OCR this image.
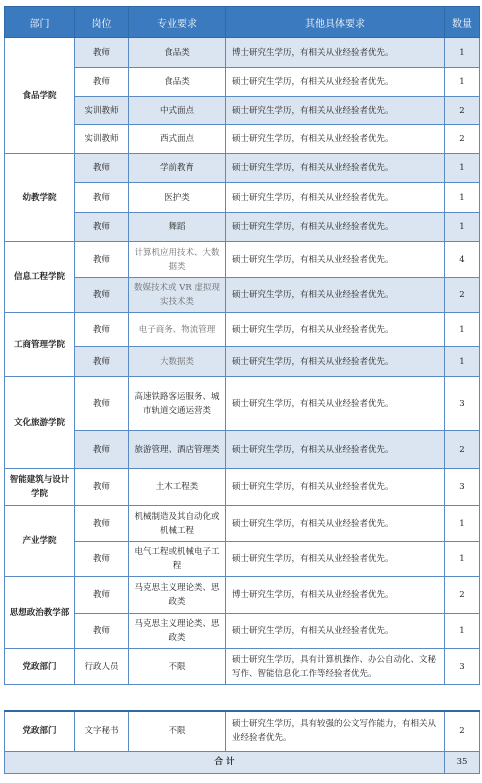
部门	岗位	专业要求	其他具体要求	数量
食品学院	教师	食品类	博士研究生学历，有相关从业经验者优先。	1
	教师	食品类	硕士研究生学历，有相关从业经验者优先。	1
	实训教师	中式面点	硕士研究生学历，有相关从业经验者优先。	2
	实训教师	西式面点	硕士研究生学历，有相关从业经验者优先。	2
幼教学院	教师	学前教育	硕士研究生学历，有相关从业经验者优先。	1
	教师	医护类	硕士研究生学历，有相关从业经验者优先。	1
	教师	舞蹈	硕士研究生学历，有相关从业经验者优先。	1
信息工程学院	教师	计算机应用技术、大数据类	硕士研究生学历，有相关从业经验者优先。	4
	教师	数媒技术或 VR 虚拟现实技术类	硕士研究生学历，有相关从业经验者优先。	2
工商管理学院	教师	电子商务、物流管理	硕士研究生学历，有相关从业经验者优先。	1
	教师	大数据类	硕士研究生学历，有相关从业经验者优先。	1
文化旅游学院	教师	高速铁路客运服务、城市轨道交通运营类	硕士研究生学历，有相关从业经验者优先。	3
	教师	旅游管理、酒店管理类	硕士研究生学历，有相关从业经验者优先。	2
智能建筑与设计学院	教师	土木工程类	硕士研究生学历，有相关从业经验者优先。	3
产业学院	教师	机械制造及其自动化或机械工程	硕士研究生学历，有相关从业经验者优先。	1
	教师	电气工程或机械电子工程	硕士研究生学历，有相关从业经验者优先。	1
思想政治教学部	教师	马克思主义理论类、思政类	博士研究生学历，有相关从业经验者优先。	2
	教师	马克思主义理论类、思政类	硕士研究生学历，有相关从业经验者优先。	1
党政部门	行政人员	不限	硕士研究生学历，具有计算机操作、办公自动化、文秘写作、智能信息化工作等经验者优先。	3
党政部门	文字秘书	不限	硕士研究生学历，具有较强的公文写作能力，有相关从业经验者优先。	2
合 计				35
